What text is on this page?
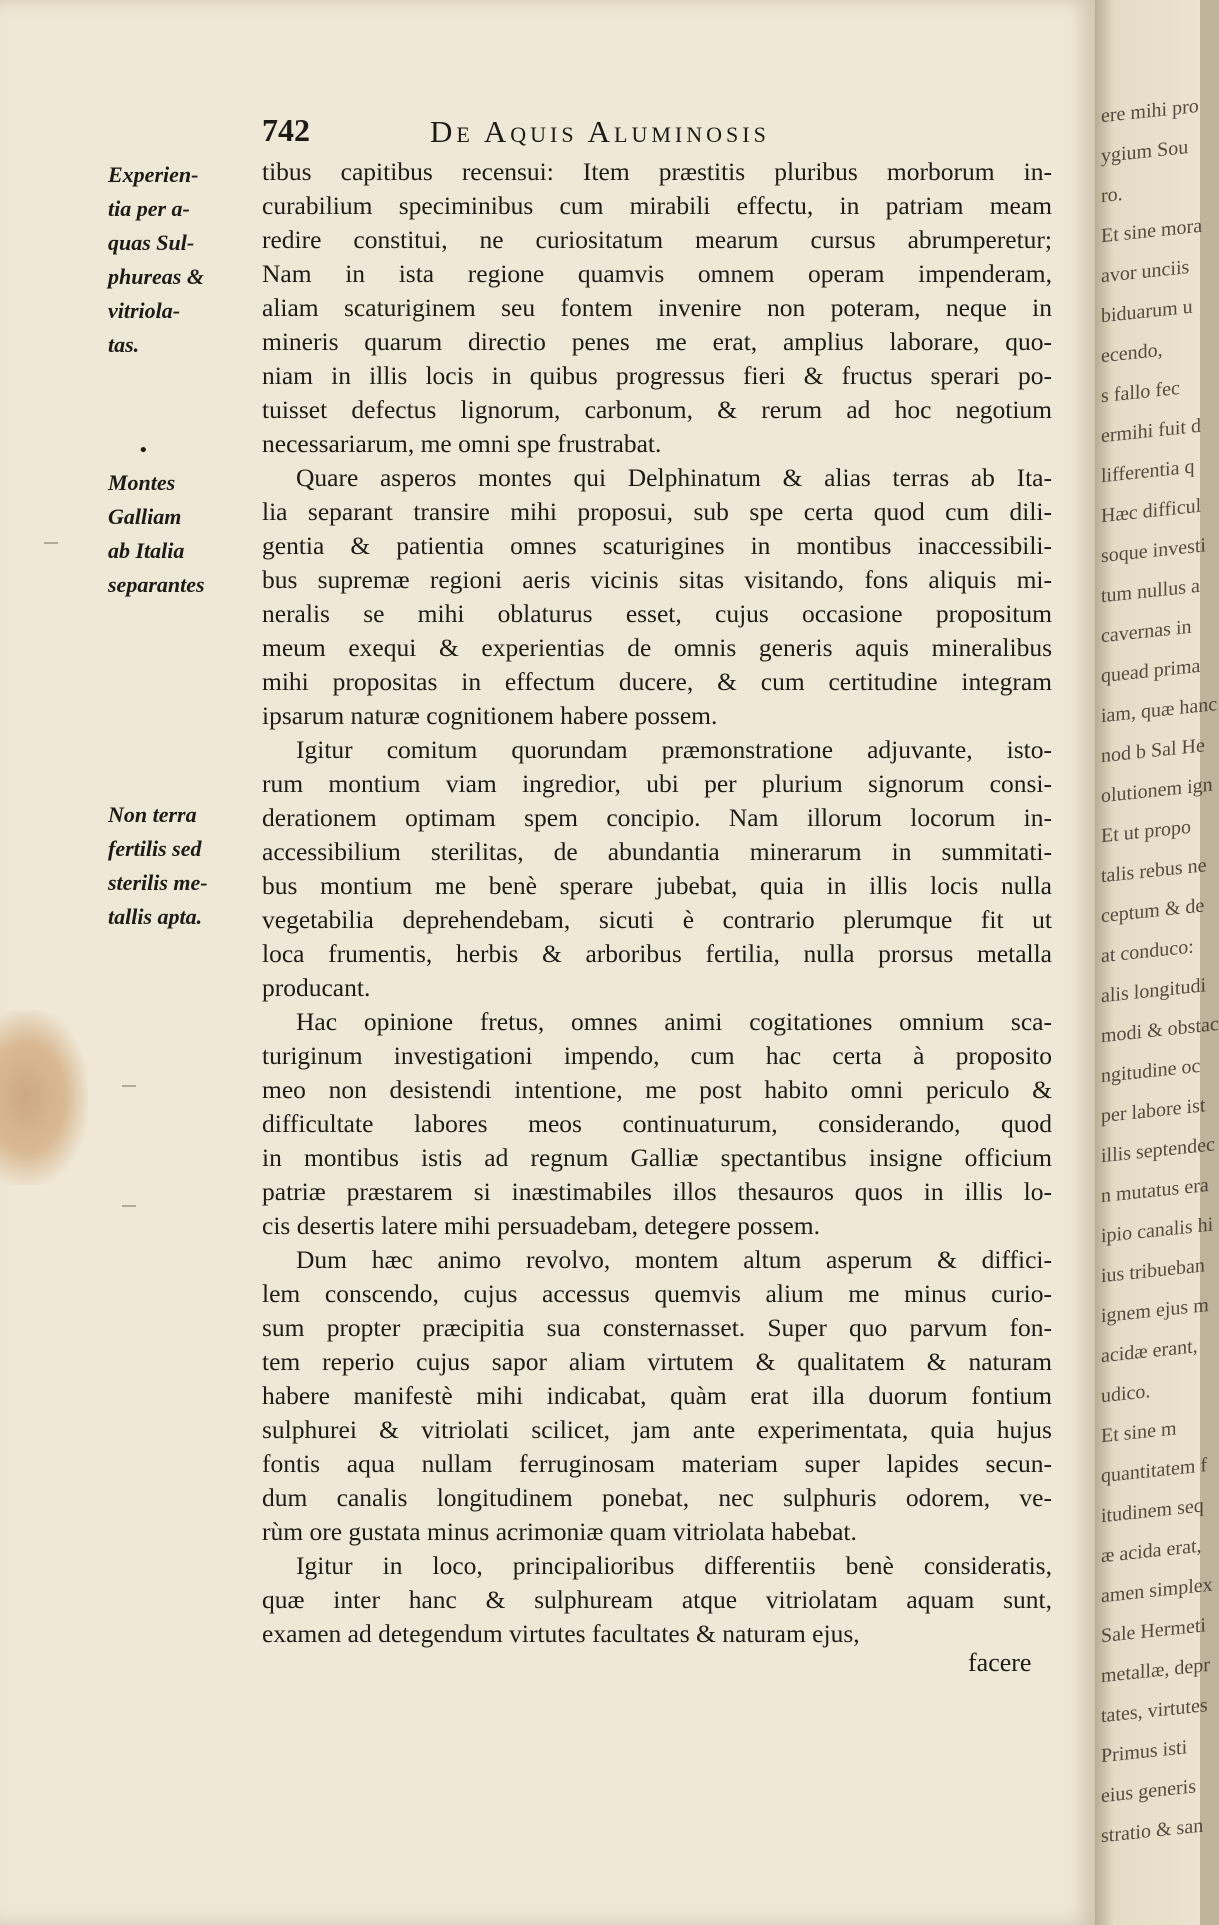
742	De Aquis Aluminosis
Experien-
tia per a-
quas Sul-
phureas &
vitriola-
tas.
Montes
Galliam
ab Italia
separantes
Non terra
fertilis sed
sterilis me-
tallis apta.
•
tibus capitibus recensui: Item præstitis pluribus morborum in-
curabilium speciminibus cum mirabili effectu, in patriam meam
redire constitui, ne curiositatum mearum cursus abrumperetur;
Nam in ista regione quamvis omnem operam impenderam,
aliam scaturiginem seu fontem invenire non poteram, neque in
mineris quarum directio penes me erat, amplius laborare, quo-
niam in illis locis in quibus progressus fieri & fructus sperari po-
tuisset defectus lignorum, carbonum, & rerum ad hoc negotium
necessariarum, me omni spe frustrabat.
Quare asperos montes qui Delphinatum & alias terras ab Ita-
lia separant transire mihi proposui, sub spe certa quod cum dili-
gentia & patientia omnes scaturigines in montibus inaccessibili-
bus supremæ regioni aeris vicinis sitas visitando, fons aliquis mi-
neralis se mihi oblaturus esset, cujus occasione propositum
meum exequi & experientias de omnis generis aquis mineralibus
mihi propositas in effectum ducere, & cum certitudine integram
ipsarum naturæ cognitionem habere possem.
Igitur comitum quorundam præmonstratione adjuvante, isto-
rum montium viam ingredior, ubi per plurium signorum consi-
derationem optimam spem concipio. Nam illorum locorum in-
accessibilium sterilitas, de abundantia minerarum in summitati-
bus montium me benè sperare jubebat, quia in illis locis nulla
vegetabilia deprehendebam, sicuti è contrario plerumque fit ut
loca frumentis, herbis & arboribus fertilia, nulla prorsus metalla
producant.
Hac opinione fretus, omnes animi cogitationes omnium sca-
turiginum investigationi impendo, cum hac certa à proposito
meo non desistendi intentione, me post habito omni periculo &
difficultate labores meos continuaturum, considerando, quod
in montibus istis ad regnum Galliæ spectantibus insigne officium
patriæ præstarem si inæstimabiles illos thesauros quos in illis lo-
cis desertis latere mihi persuadebam, detegere possem.
Dum hæc animo revolvo, montem altum asperum & diffici-
lem conscendo, cujus accessus quemvis alium me minus curio-
sum propter præcipitia sua consternasset. Super quo parvum fon-
tem reperio cujus sapor aliam virtutem & qualitatem & naturam
habere manifestè mihi indicabat, quàm erat illa duorum fontium
sulphurei & vitriolati scilicet, jam ante experimentata, quia hujus
fontis aqua nullam ferruginosam materiam super lapides secun-
dum canalis longitudinem ponebat, nec sulphuris odorem, ve-
rùm ore gustata minus acrimoniæ quam vitriolata habebat.
Igitur in loco, principalioribus differentiis benè consideratis,
quæ inter hanc & sulphuream atque vitriolatam aquam sunt,
examen ad detegendum virtutes facultates & naturam ejus,
facere
ere mihi pro
ygium Sou
ro.
Et sine mora
avor unciis
biduarum u
ecendo,
s fallo fec
ermihi fuit d
lifferentia q
Hæc difficul
soque investi
tum nullus a
cavernas in
quead prima
iam, quæ hanc
nod b Sal He
olutionem ign
Et ut propo
talis rebus ne
ceptum & de
at conduco:
alis longitudi
modi & obstac
ngitudine oc
per labore ist
illis septendec
n mutatus era
ipio canalis hi
ius tribueban
ignem ejus m
acidæ erant,
udico.
Et sine m
quantitatem f
itudinem seq
æ acida erat,
amen simplex
Sale Hermeti
metallæ, depr
tates, virtutes
Primus isti
eius generis
stratio & san
